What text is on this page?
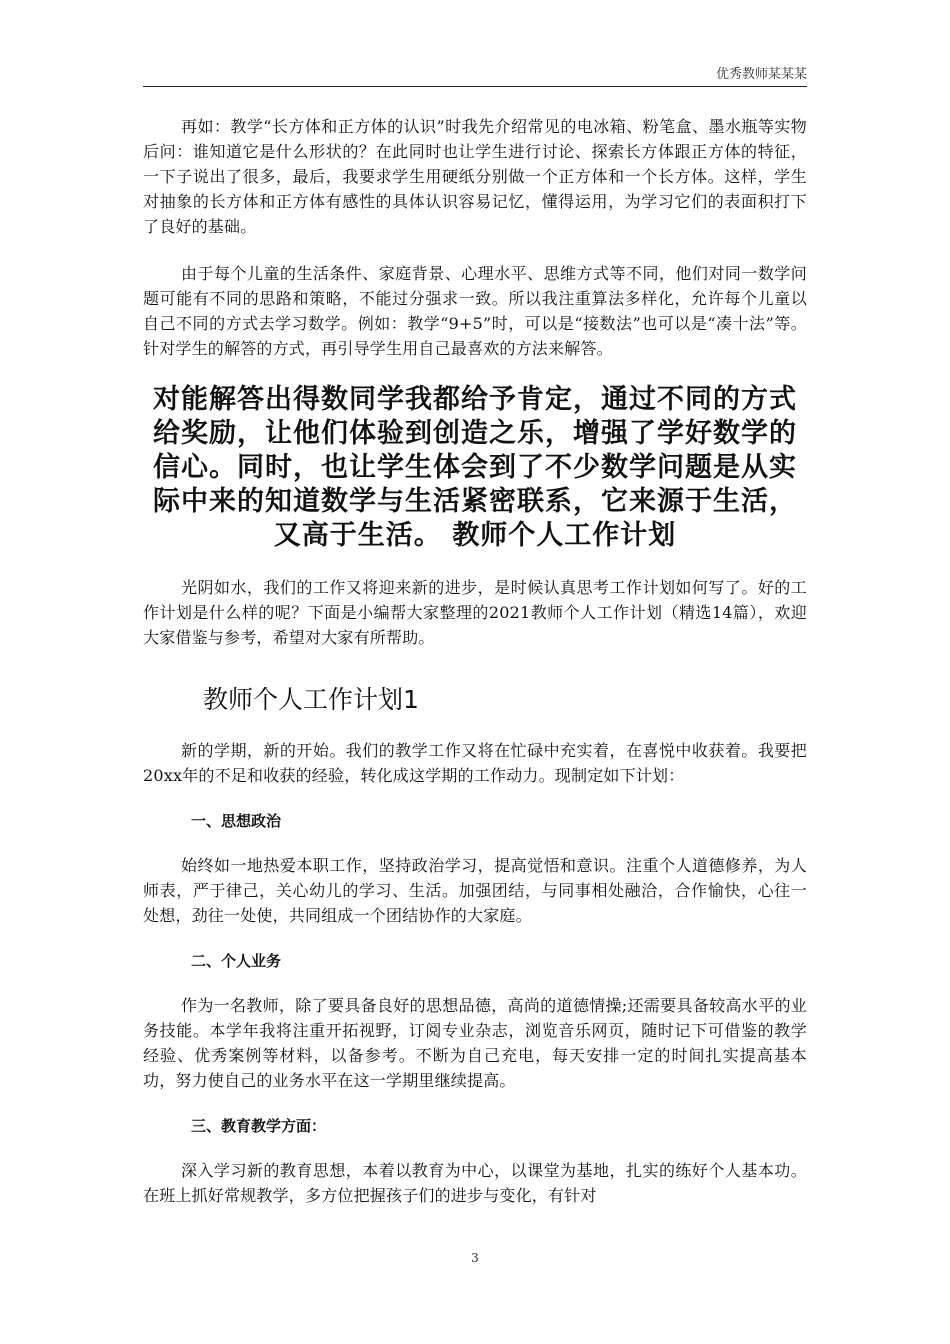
优秀教师某某某

再如：教学“长方体和正方体的认识”时我先介绍常见的电冰箱、粉笔盒、墨水瓶等实物后问：谁知道它是什么形状的？在此同时也让学生进行讨论、探索长方体跟正方体的特征，一下子说出了很多，最后，我要求学生用硬纸分别做一个正方体和一个长方体。这样，学生对抽象的长方体和正方体有感性的具体认识容易记忆，懂得运用，为学习它们的表面积打下了良好的基础。

由于每个儿童的生活条件、家庭背景、心理水平、思维方式等不同，他们对同一数学问题可能有不同的思路和策略，不能过分强求一致。所以我注重算法多样化，允许每个儿童以自己不同的方式去学习数学。例如：教学“9+5”时，可以是“接数法”也可以是“凑十法”等。针对学生的解答的方式，再引导学生用自己最喜欢的方法来解答。

对能解答出得数同学我都给予肯定，通过不同的方式给奖励，让他们体验到创造之乐，增强了学好数学的信心。同时，也让学生体会到了不少数学问题是从实际中来的知道数学与生活紧密联系，它来源于生活，又高于生活。 教师个人工作计划

光阴如水，我们的工作又将迎来新的进步，是时候认真思考工作计划如何写了。好的工作计划是什么样的呢？下面是小编帮大家整理的2021教师个人工作计划（精选14篇），欢迎大家借鉴与参考，希望对大家有所帮助。

教师个人工作计划1

新的学期，新的开始。我们的教学工作又将在忙碌中充实着，在喜悦中收获着。我要把20xx年的不足和收获的经验，转化成这学期的工作动力。现制定如下计划：

一、思想政治

始终如一地热爱本职工作，坚持政治学习，提高觉悟和意识。注重个人道德修养，为人师表，严于律己，关心幼儿的学习、生活。加强团结，与同事相处融洽，合作愉快，心往一处想，劲往一处使，共同组成一个团结协作的大家庭。

二、个人业务

作为一名教师，除了要具备良好的思想品德，高尚的道德情操;还需要具备较高水平的业务技能。本学年我将注重开拓视野，订阅专业杂志，浏览音乐网页，随时记下可借鉴的教学经验、优秀案例等材料，以备参考。不断为自己充电，每天安排一定的时间扎实提高基本功，努力使自己的业务水平在这一学期里继续提高。

三、教育教学方面：

深入学习新的教育思想，本着以教育为中心，以课堂为基地，扎实的练好个人基本功。在班上抓好常规教学，多方位把握孩子们的进步与变化，有针对

3
